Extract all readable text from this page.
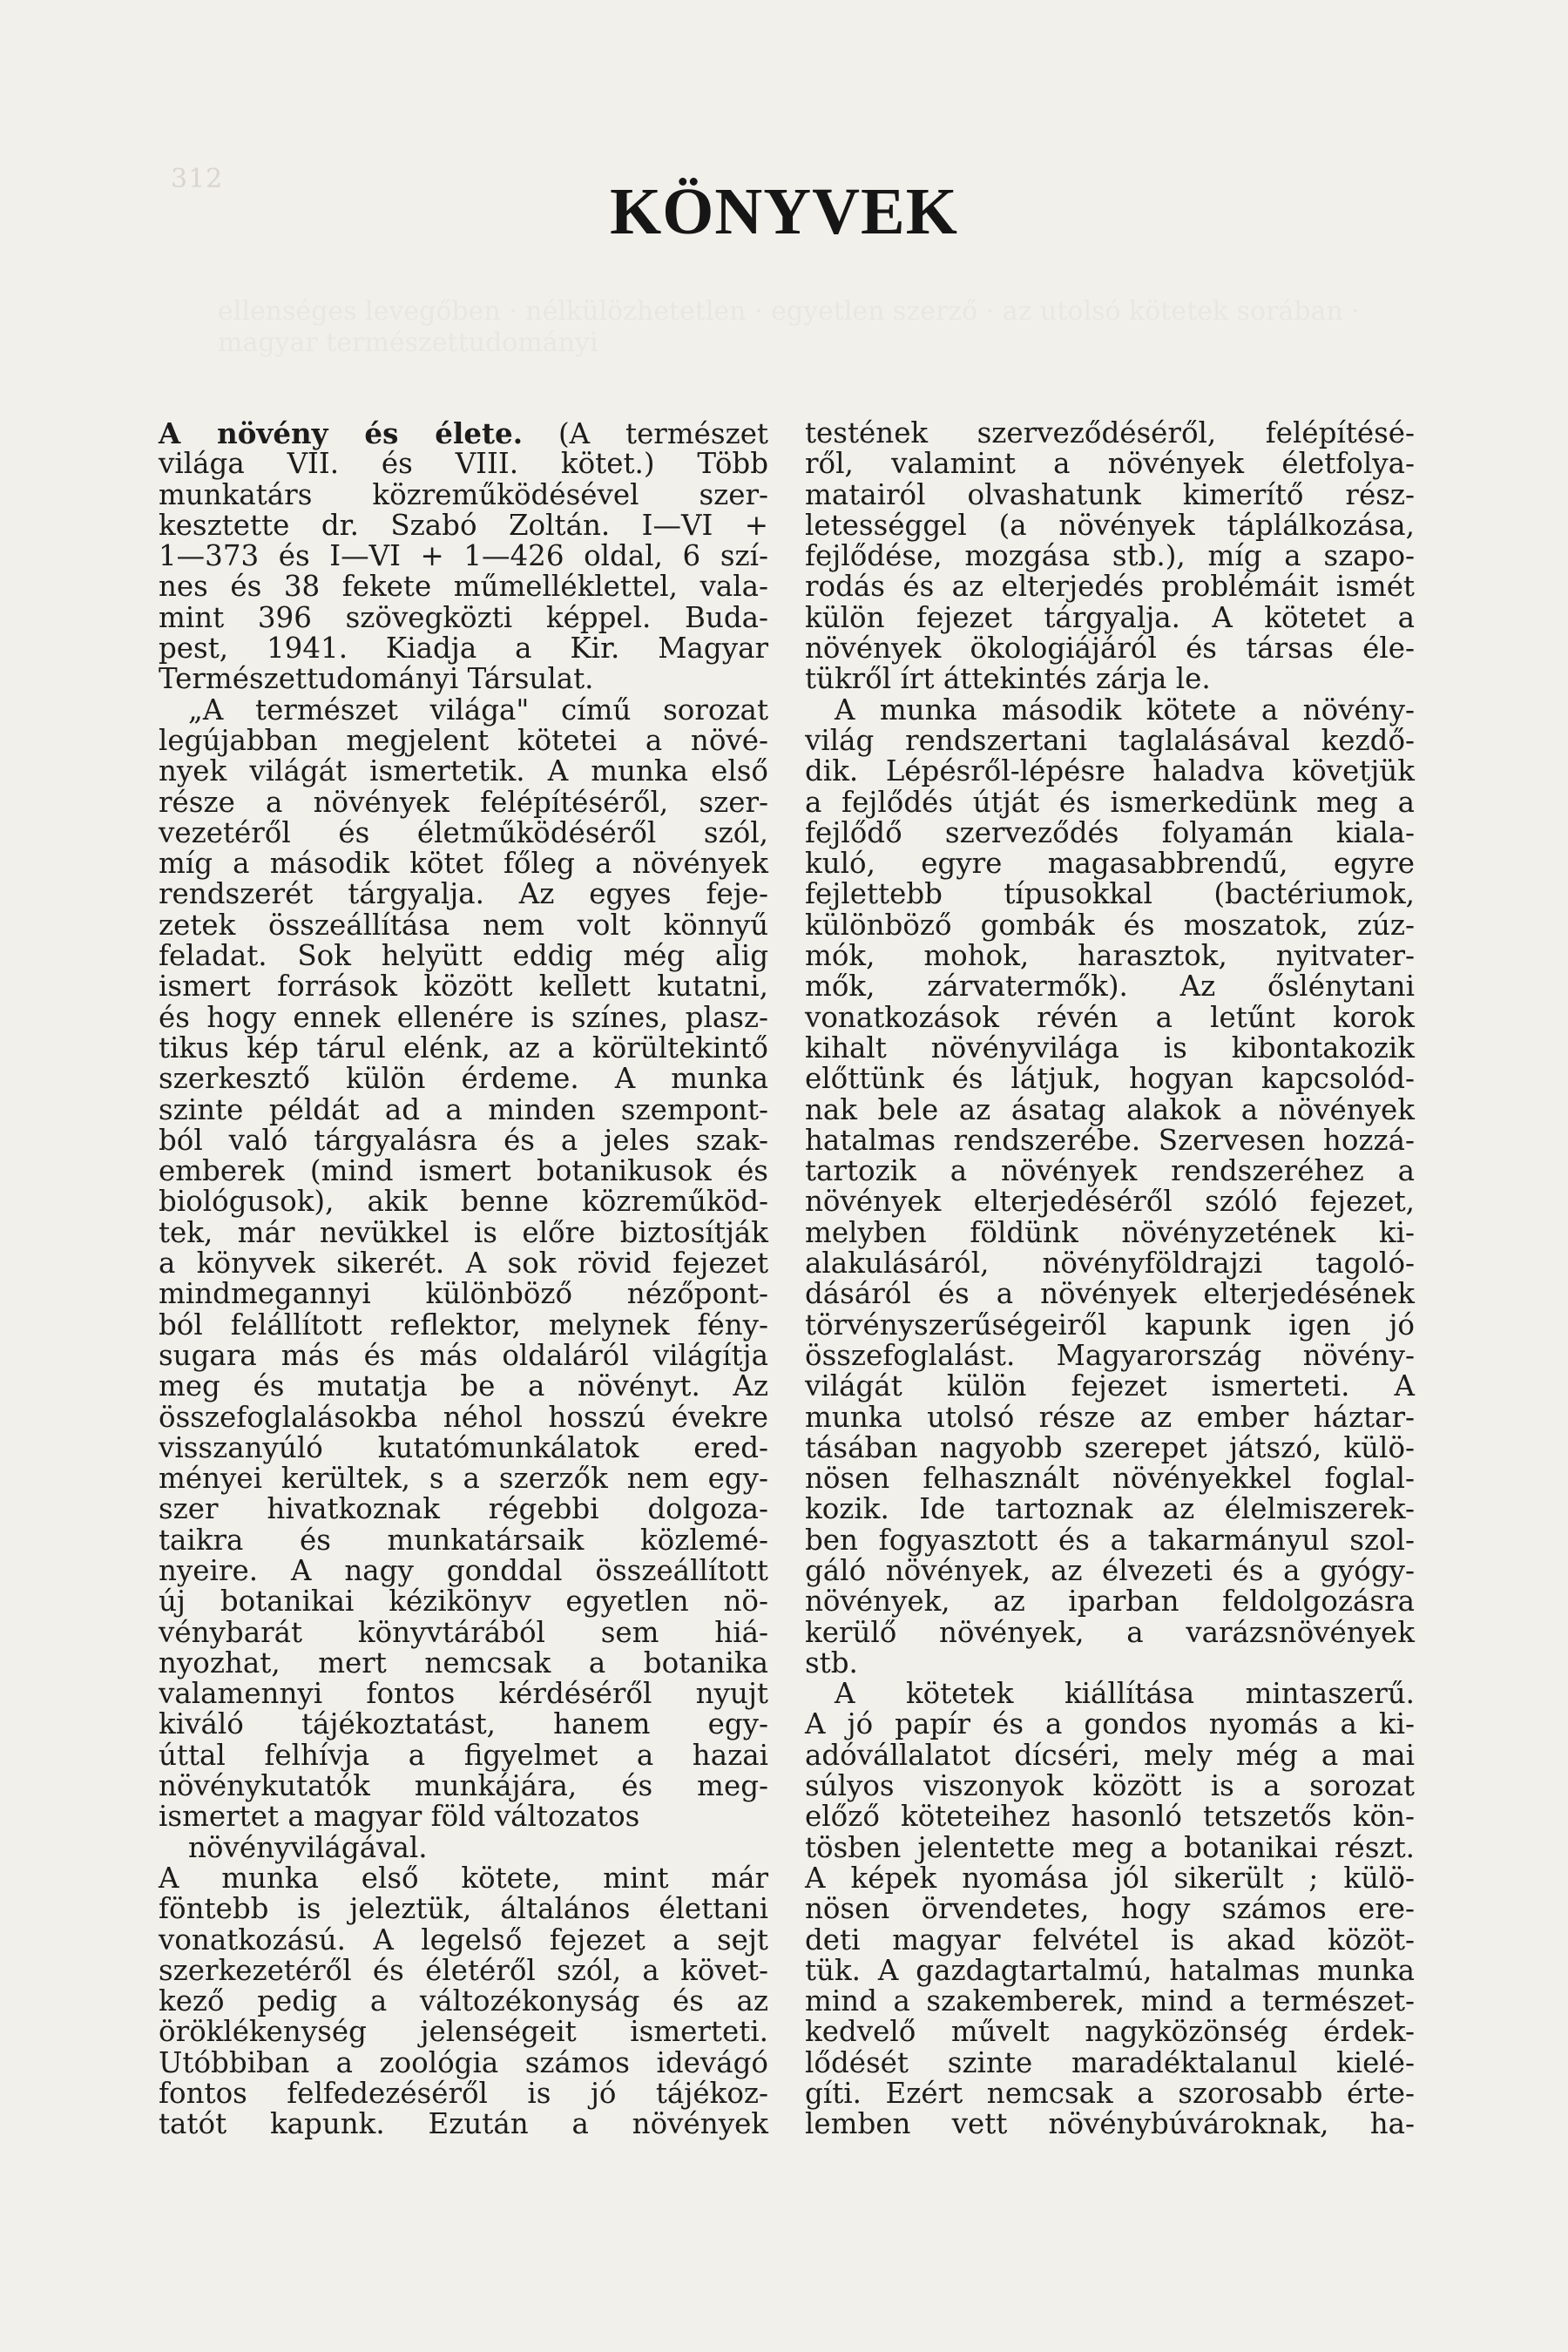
312	KÖNYVEK
A növény és élete. (A természet
világa VII. és VIII. kötet.) Több
munkatárs közreműködésével szer-
kesztette dr. Szabó Zoltán. I—VI +
1—373 és I—VI + 1—426 oldal, 6 szí-
nes és 38 fekete műmelléklettel, vala-
mint 396 szövegközti képpel. Buda-
pest, 1941. Kiadja a Kir. Magyar
Természettudományi Társulat.
„A természet világa" című sorozat
legújabban megjelent kötetei a növé-
nyek világát ismertetik. A munka első
része a növények felépítéséről, szer-
vezetéről és életműködéséről szól,
míg a második kötet főleg a növények
rendszerét tárgyalja. Az egyes feje-
zetek összeállítása nem volt könnyű
feladat. Sok helyütt eddig még alig
ismert források között kellett kutatni,
és hogy ennek ellenére is színes, plasz-
tikus kép tárul elénk, az a körültekintő
szerkesztő külön érdeme. A munka
szinte példát ad a minden szempont-
ból való tárgyalásra és a jeles szak-
emberek (mind ismert botanikusok és
biológusok), akik benne közreműköd-
tek, már nevükkel is előre biztosítják
a könyvek sikerét. A sok rövid fejezet
mindmegannyi különböző nézőpont-
ból felállított reflektor, melynek fény-
sugara más és más oldaláról világítja
meg és mutatja be a növényt. Az
összefoglalásokba néhol hosszú évekre
visszanyúló kutatómunkálatok ered-
ményei kerültek, s a szerzők nem egy-
szer hivatkoznak régebbi dolgoza-
taikra és munkatársaik közlemé-
nyeire. A nagy gonddal összeállított
új botanikai kézikönyv egyetlen nö-
vénybarát könyvtárából sem hiá-
nyozhat, mert nemcsak a botanika
valamennyi fontos kérdéséről nyujt
kiváló tájékoztatást, hanem egy-
úttal felhívja a figyelmet a hazai
növénykutatók munkájára, és meg-
ismertet a magyar föld változatos
növényvilágával.
A munka első kötete, mint már
föntebb is jeleztük, általános élettani
vonatkozású. A legelső fejezet a sejt
szerkezetéről és életéről szól, a követ-
kező pedig a változékonyság és az
öröklékenység jelenségeit ismerteti.
Utóbbiban a zoológia számos idevágó
fontos felfedezéséről is jó tájékoz-
tatót kapunk. Ezután a növények
testének szerveződéséről, felépítésé-
ről, valamint a növények életfolya-
matairól olvashatunk kimerítő rész-
letességgel (a növények táplálkozása,
fejlődése, mozgása stb.), míg a szapo-
rodás és az elterjedés problémáit ismét
külön fejezet tárgyalja. A kötetet a
növények ökologiájáról és társas éle-
tükről írt áttekintés zárja le.
A munka második kötete a növény-
világ rendszertani taglalásával kezdő-
dik. Lépésről-lépésre haladva követjük
a fejlődés útját és ismerkedünk meg a
fejlődő szerveződés folyamán kiala-
kuló, egyre magasabbrendű, egyre
fejlettebb típusokkal (bactériumok,
különböző gombák és moszatok, zúz-
mók, mohok, harasztok, nyitvater-
mők, zárvatermők). Az őslénytani
vonatkozások révén a letűnt korok
kihalt növényvilága is kibontakozik
előttünk és látjuk, hogyan kapcsolód-
nak bele az ásatag alakok a növények
hatalmas rendszerébe. Szervesen hozzá-
tartozik a növények rendszeréhez a
növények elterjedéséről szóló fejezet,
melyben földünk növényzetének ki-
alakulásáról, növényföldrajzi tagoló-
dásáról és a növények elterjedésének
törvényszerűségeiről kapunk igen jó
összefoglalást. Magyarország növény-
világát külön fejezet ismerteti. A
munka utolsó része az ember háztar-
tásában nagyobb szerepet játszó, külö-
nösen felhasznált növényekkel foglal-
kozik. Ide tartoznak az élelmiszerek-
ben fogyasztott és a takarmányul szol-
gáló növények, az élvezeti és a gyógy-
növények, az iparban feldolgozásra
kerülő növények, a varázsnövények
stb.
A kötetek kiállítása mintaszerű.
A jó papír és a gondos nyomás a ki-
adóvállalatot dícséri, mely még a mai
súlyos viszonyok között is a sorozat
előző köteteihez hasonló tetszetős kön-
tösben jelentette meg a botanikai részt.
A képek nyomása jól sikerült ; külö-
nösen örvendetes, hogy számos ere-
deti magyar felvétel is akad közöt-
tük. A gazdagtartalmú, hatalmas munka
mind a szakemberek, mind a természet-
kedvelő művelt nagyközönség érdek-
lődését szinte maradéktalanul kielé-
gíti. Ezért nemcsak a szorosabb érte-
lemben vett növénybúvároknak, ha-
